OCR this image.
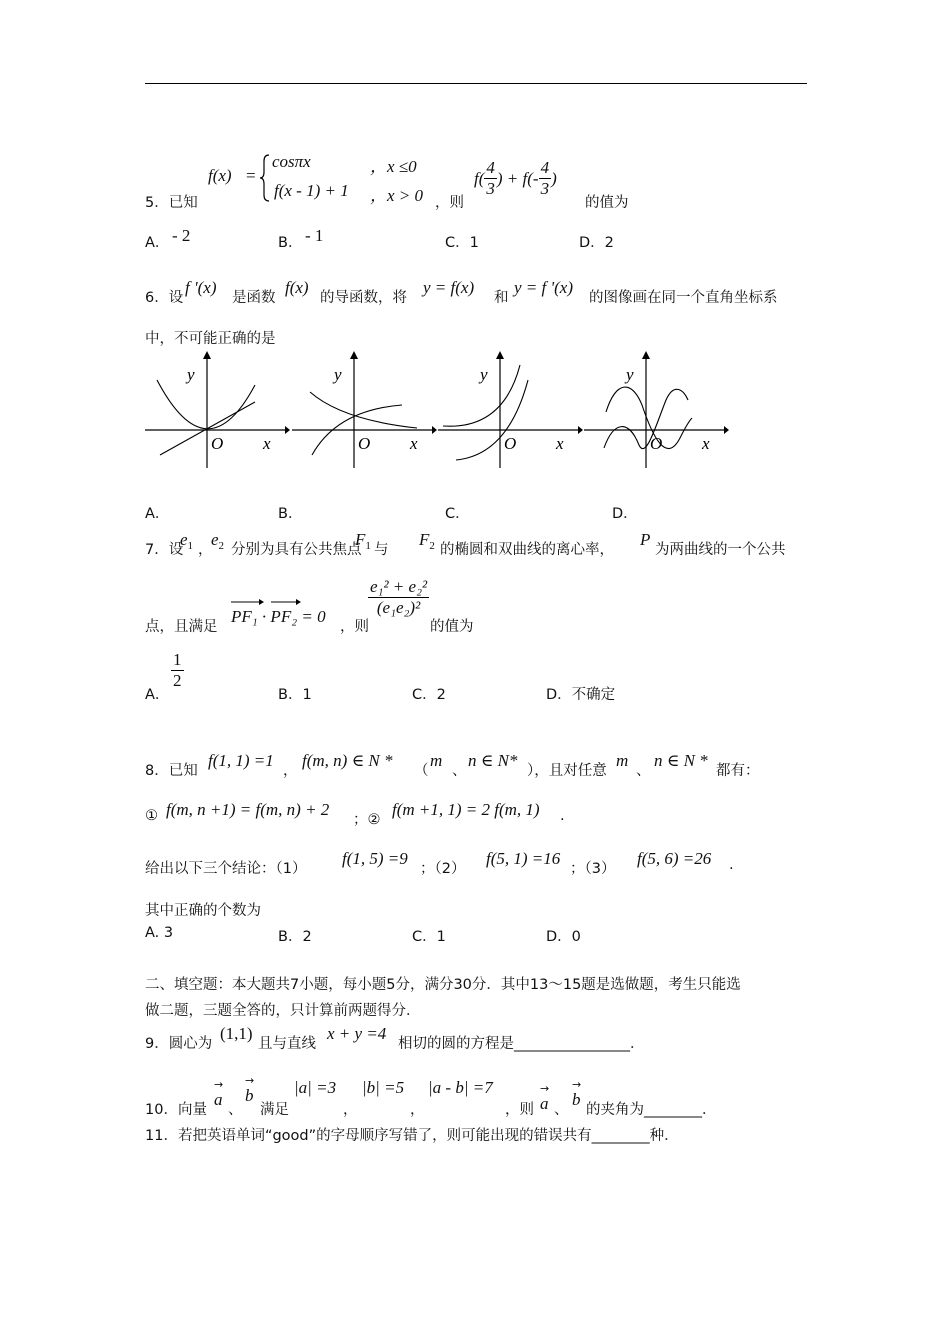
5．已知
f(x) =
cosπx	，x ≤0
f(x - 1) + 1 ，x > 0 ，则
$f( \frac{4}{3}$ ) + $f(- \frac{4}{3}$ )
的值为
A． - 2	B． - 1	C．1	D．2
6．设
f '(x)
是函数
f(x)
的导函数，将
y = f(x)
和
y = f '(x)
的图像画在同一个直角坐标系
中，不可能正确的是
y
O x
y
O x
y
O x
y
O x
A．	B．	C．	D．
7．设
$e_1$ ，
$e_2$ 分别为具有公共焦点
$F_1$ 与
$F_2$ 的椭圆和双曲线的离心率，
P
为两曲线的一个公共
点，且满足
PF₁ · PF₂ = 0
，则
$\frac{\text{e₁² + e₂²}}{\text{(e₁e₂)²}}$
的值为
A．
$\frac{1}{2}$
B．1	C．2	D．不确定
8．已知
f(1, 1) =1
，
f(m, n) ∈ N *
（
m
、
n ∈ N*
），且对任意
m
、
n ∈ N *
都有：
① f(m, n +1) = f(m, n) + 2
；②
f(m +1, 1) = 2 f(m, 1) .
给出以下三个结论：（1）
f(1, 5) =9
；（2）
f(5, 1) =16
；（3）
f(5, 6) =26 .
其中正确的个数为
A. 3	B．2	C．1	D．0
二、填空题：本大题共7小题，每小题5分，满分30分．其中13～15题是选做题，考生只能选
做二题，三题全答的，只计算前两题得分．
9．圆心为
(1,1)
且与直线
x + y =4
相切的圆的方程是________________．
10．向量
→
a
、
→
b
满足
|a| =3
，
|b| =5
，
|a - b| =7
，则
→
a 、
→
b
的夹角为________．
11．若把英语单词“good”的字母顺序写错了，则可能出现的错误共有________种．
